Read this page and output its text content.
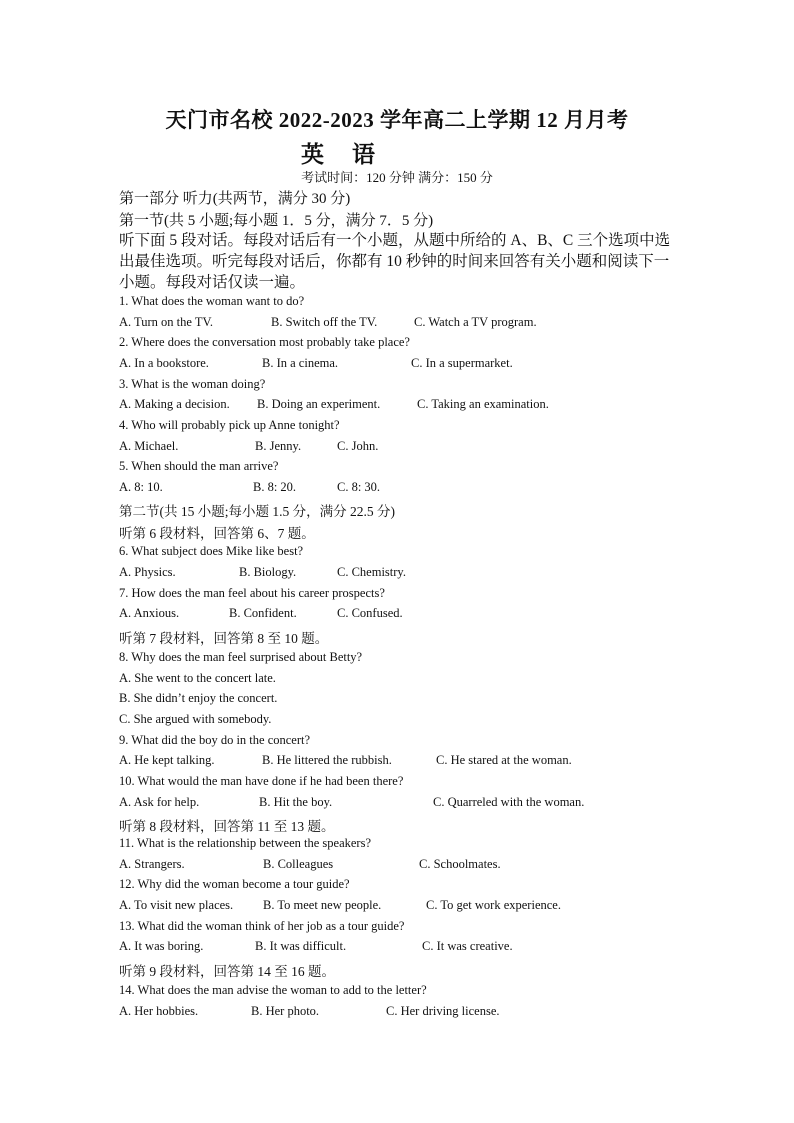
天门市名校 2022-2023 学年高二上学期 12 月月考
英语
考试时间：120 分钟 满分：150 分
第一部分 听力(共两节，满分 30 分)
第一节(共 5 小题;每小题 1．5 分，满分 7．5 分)
听下面 5 段对话。每段对话后有一个小题，从题中所给的 A、B、C 三个选项中选出最佳选项。听完每段对话后，你都有 10 秒钟的时间来回答有关小题和阅读下一小题。每段对话仅读一遍。
1. What does the woman want to do?
A. Turn on the TV.	B. Switch off the TV.	C. Watch a TV program.
2. Where does the conversation most probably take place?
A. In a bookstore.	B. In a cinema.	C. In a supermarket.
3. What is the woman doing?
A. Making a decision. B. Doing an experiment.	C. Taking an examination.
4. Who will probably pick up Anne tonight?
A. Michael.	B. Jenny.	C. John.
5. When should the man arrive?
A. 8: 10.	B. 8: 20.	C. 8: 30.
第二节(共 15 小题;每小题 1.5 分，满分 22.5 分)
听第 6 段材料，回答第 6、7 题。
6. What subject does Mike like best?
A. Physics.	B. Biology.	C. Chemistry.
7. How does the man feel about his career prospects?
A. Anxious.	B. Confident.	C. Confused.
听第 7 段材料，回答第 8 至 10 题。
8. Why does the man feel surprised about Betty?
A. She went to the concert late.
B. She didn’t enjoy the concert.
C. She argued with somebody.
9. What did the boy do in the concert?
A. He kept talking.	B. He littered the rubbish.	C. He stared at the woman.
10. What would the man have done if he had been there?
A. Ask for help.	B. Hit the boy.	C. Quarreled with the woman.
听第 8 段材料，回答第 11 至 13 题。
11. What is the relationship between the speakers?
A. Strangers.	B. Colleagues	C. Schoolmates.
12. Why did the woman become a tour guide?
A. To visit new places. B. To meet new people.	C. To get work experience.
13. What did the woman think of her job as a tour guide?
A. It was boring.	B. It was difficult.	C. It was creative.
听第 9 段材料，回答第 14 至 16 题。
14. What does the man advise the woman to add to the letter?
A. Her hobbies.	B. Her photo.	C. Her driving license.
